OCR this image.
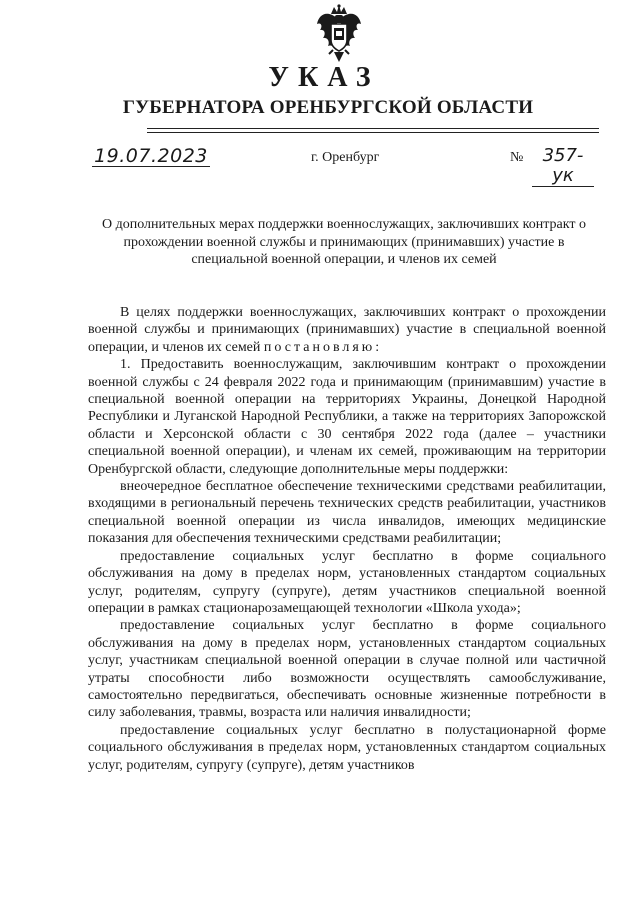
УКАЗ
ГУБЕРНАТОРА ОРЕНБУРГСКОЙ ОБЛАСТИ
19.07.2023	г. Оренбург	№	357-ук
О дополнительных мерах поддержки военнослужащих, заключивших контракт о прохождении военной службы и принимающих (принимавших) участие в специальной военной операции, и членов их семей

В целях поддержки военнослужащих, заключивших контракт о прохождении военной службы и принимающих (принимавших) участие в специальной военной операции, и членов их семей постановляю:

1. Предоставить военнослужащим, заключившим контракт о прохождении военной службы с 24 февраля 2022 года и принимающим (принимавшим) участие в специальной военной операции на территориях Украины, Донецкой Народной Республики и Луганской Народной Республики, а также на территориях Запорожской области и Херсонской области с 30 сентября 2022 года (далее – участники специальной военной операции), и членам их семей, проживающим на территории Оренбургской области, следующие дополнительные меры поддержки:

внеочередное бесплатное обеспечение техническими средствами реабилитации, входящими в региональный перечень технических средств реабилитации, участников специальной военной операции из числа инвалидов, имеющих медицинские показания для обеспечения техническими средствами реабилитации;

предоставление социальных услуг бесплатно в форме социального обслуживания на дому в пределах норм, установленных стандартом социальных услуг, родителям, супругу (супруге), детям участников специальной военной операции в рамках стационарозамещающей технологии «Школа ухода»;

предоставление социальных услуг бесплатно в форме социального обслуживания на дому в пределах норм, установленных стандартом социальных услуг, участникам специальной военной операции в случае полной или частичной утраты способности либо возможности осуществлять самообслуживание, самостоятельно передвигаться, обеспечивать основные жизненные потребности в силу заболевания, травмы, возраста или наличия инвалидности;

предоставление социальных услуг бесплатно в полустационарной форме социального обслуживания в пределах норм, установленных стандартом социальных услуг, родителям, супругу (супруге), детям участников
